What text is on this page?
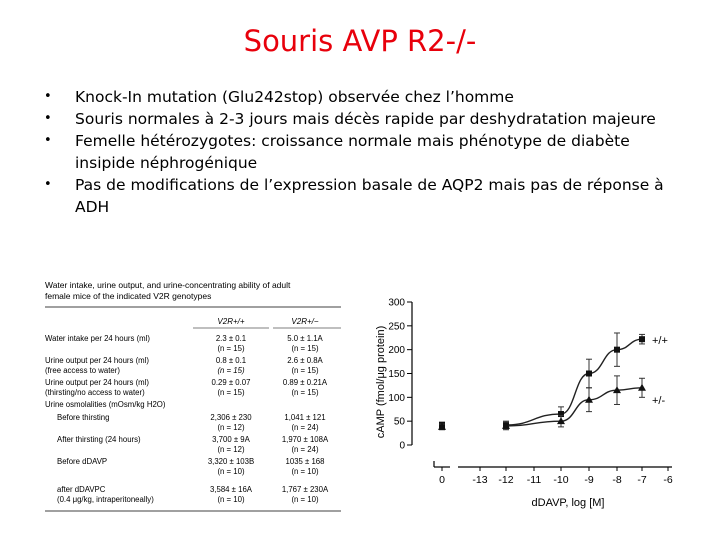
Souris AVP R2-/-
• Knock-In mutation (Glu242stop) observée chez l’homme
• Souris normales à 2-3 jours mais décès rapide par deshydratation majeure
• Femelle hétérozygotes: croissance normale mais phénotype de diabète insipide néphrogénique
• Pas de modifications de l’expression basale de AQP2 mais pas de réponse à ADH
Water intake, urine output, and urine-concentrating ability of adult
female mice of the indicated V2R genotypes
V2R+/+	V2R+/−
Water intake per 24 hours (ml)	2.3 ± 0.1	5.0 ± 1.1A
(n = 15)	(n = 15)
Urine output per 24 hours (ml)
(free access to water)
0.8 ± 0.1	2.6 ± 0.8A
(n = 15)	(n = 15)
Urine output per 24 hours (ml)
(thirsting/no access to water)
0.29 ± 0.07	0.89 ± 0.21A
(n = 15)	(n = 15)
Urine osmolalities (mOsm/kg H2O)
Before thirsting	2,306 ± 230	1,041 ± 121
(n = 12)	(n = 24)
After thirsting (24 hours)	3,700 ± 9A	1,970 ± 108A
(n = 12)	(n = 24)
Before dDAVP	3,320 ± 103B	1035 ± 168
(n = 10)	(n = 10)
after dDAVPC
(0.4 μg/kg, intraperitoneally)
3,584 ± 16A	1,767 ± 230A
(n = 10)	(n = 10)
cAMP (fmol/μg protein)
dDAVP, log [M]
0
50
100
150
200
250
300
0	-13 -12 -11 -10 -9 -8 -7 -6
+/+
+/-
